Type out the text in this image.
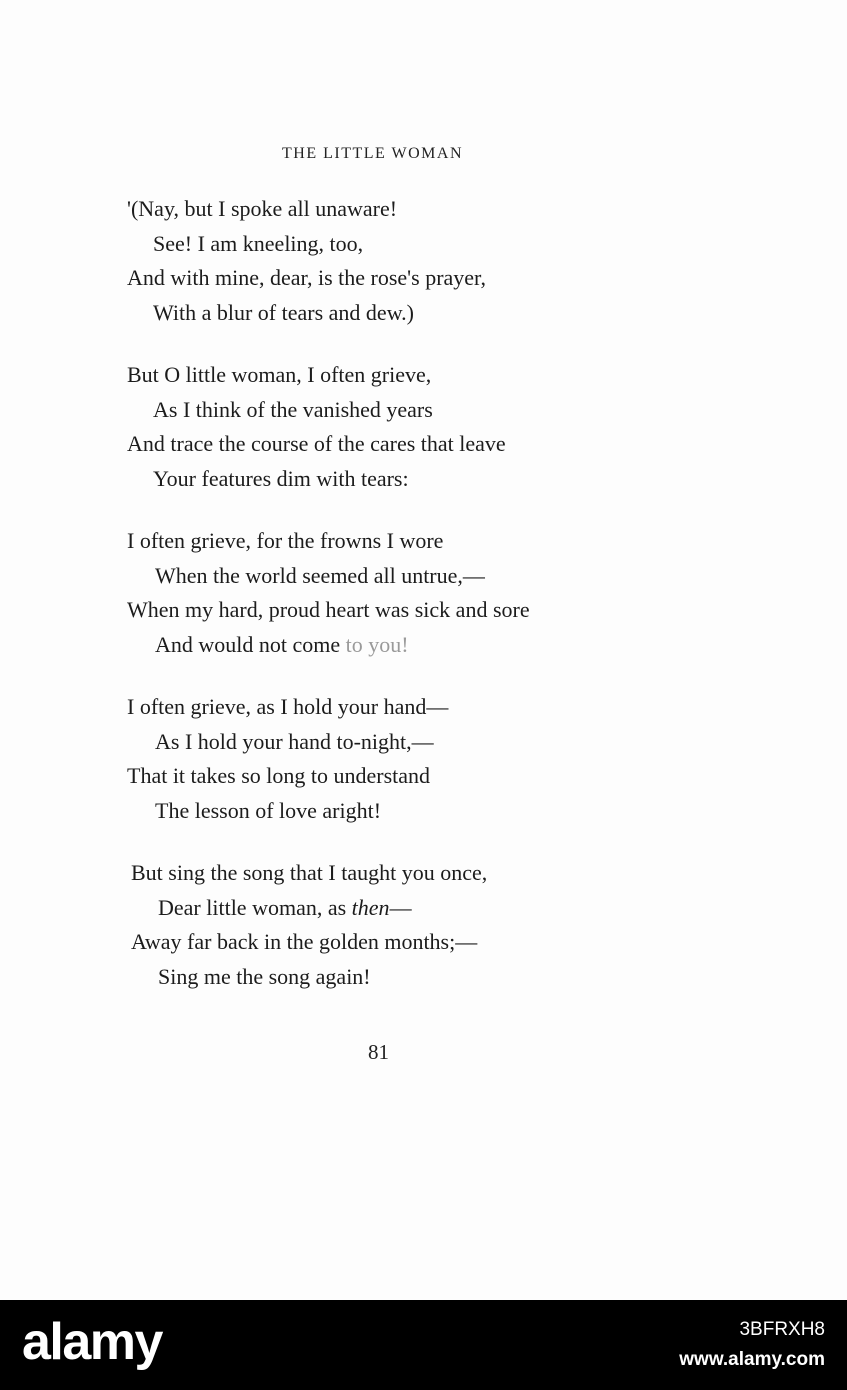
THE LITTLE WOMAN
'(Nay, but I spoke all unaware!
See! I am kneeling, too,
And with mine, dear, is the rose's prayer,
With a blur of tears and dew.)
But O little woman, I often grieve,
As I think of the vanished years
And trace the course of the cares that leave
Your features dim with tears:
I often grieve, for the frowns I wore
When the world seemed all untrue,—
When my hard, proud heart was sick and sore
And would not come to you!
I often grieve, as I hold your hand—
As I hold your hand to-night,—
That it takes so long to understand
The lesson of love aright!
But sing the song that I taught you once,
Dear little woman, as then—
Away far back in the golden months;—
Sing me the song again!
81
alamy	3BFRXH8
www.alamy.com
